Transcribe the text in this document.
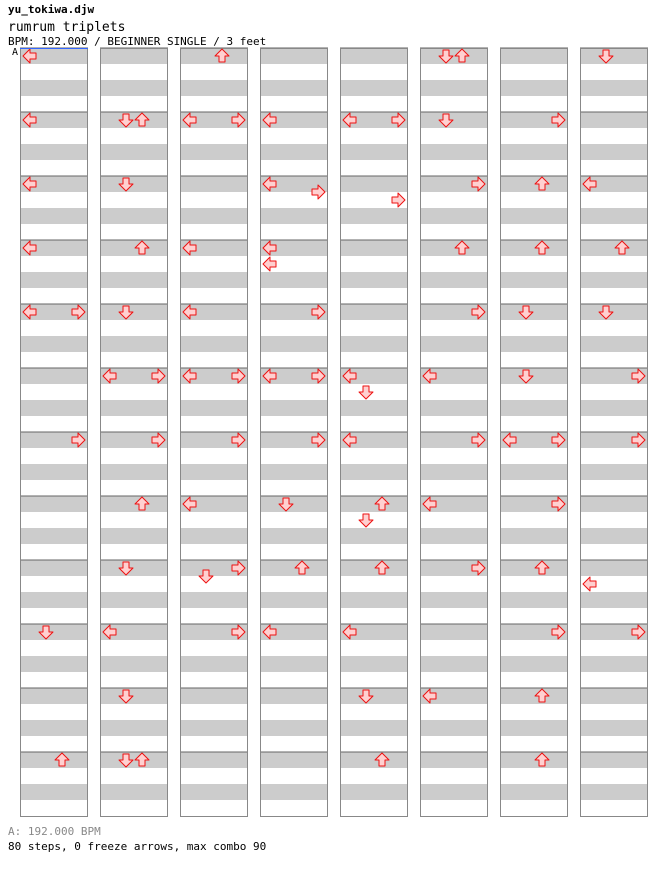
yu_tokiwa.djw
rumrum triplets
BPM: 192.000 / BEGINNER SINGLE / 3 feet
A
A: 192.000 BPM
80 steps, 0 freeze arrows, max combo 90
